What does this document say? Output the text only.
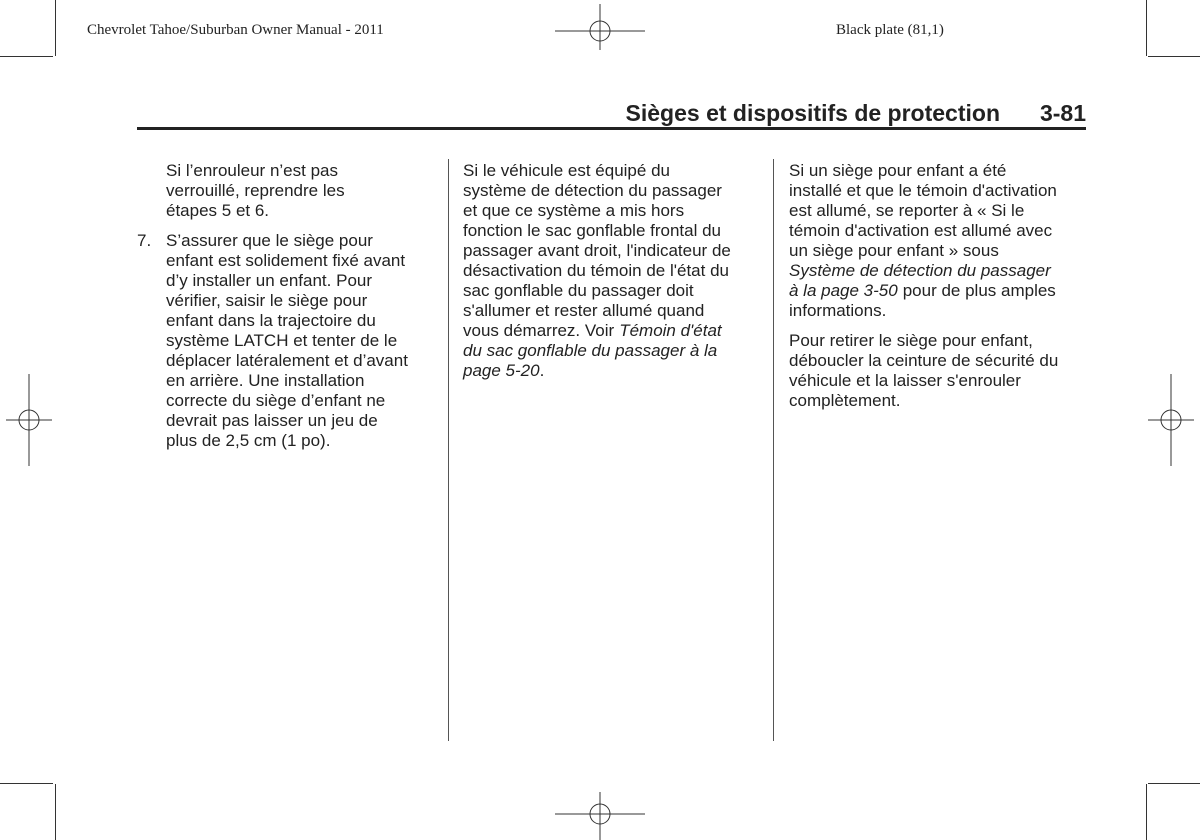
Chevrolet Tahoe/Suburban Owner Manual - 2011	Black plate (81,1)
Sièges et dispositifs de protection	3-81
Si l’enrouleur n’est pas
verrouillé, reprendre les
étapes 5 et 6.
7. S’assurer que le siège pour
enfant est solidement fixé avant
d’y installer un enfant. Pour
vérifier, saisir le siège pour
enfant dans la trajectoire du
système LATCH et tenter de le
déplacer latéralement et d’avant
en arrière. Une installation
correcte du siège d’enfant ne
devrait pas laisser un jeu de
plus de 2,5 cm (1 po).
Si le véhicule est équipé du
système de détection du passager
et que ce système a mis hors
fonction le sac gonflable frontal du
passager avant droit, l'indicateur de
désactivation du témoin de l'état du
sac gonflable du passager doit
s'allumer et rester allumé quand
vous démarrez. Voir Témoin d'état
du sac gonflable du passager à la
page 5-20.
Si un siège pour enfant a été
installé et que le témoin d'activation
est allumé, se reporter à « Si le
témoin d'activation est allumé avec
un siège pour enfant » sous
Système de détection du passager
à la page 3-50 pour de plus amples
informations.
Pour retirer le siège pour enfant,
déboucler la ceinture de sécurité du
véhicule et la laisser s'enrouler
complètement.
